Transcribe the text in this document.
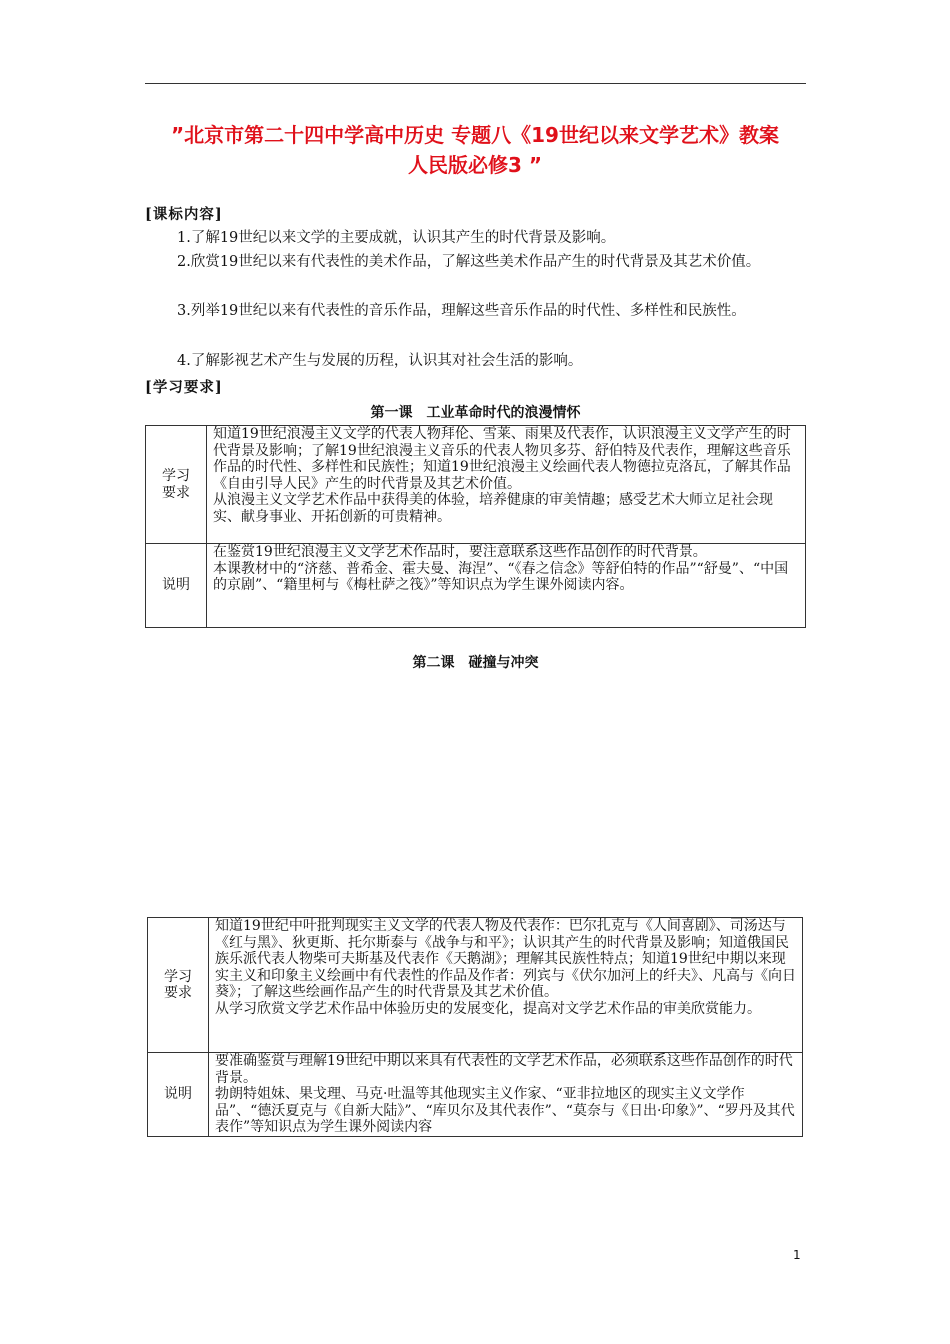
”北京市第二十四中学高中历史 专题八《19世纪以来文学艺术》教案
人民版必修3 ”
[课标内容]
1.了解19世纪以来文学的主要成就，认识其产生的时代背景及影响。
2.欣赏19世纪以来有代表性的美术作品，了解这些美术作品产生的时代背景及其艺术价值。
3.列举19世纪以来有代表性的音乐作品，理解这些音乐作品的时代性、多样性和民族性。
4.了解影视艺术产生与发展的历程，认识其对社会生活的影响。
[学习要求]
第一课　工业革命时代的浪漫情怀
学习要求	知道19世纪浪漫主义文学的代表人物拜伦、雪莱、雨果及代表作，认识浪漫主义文学产生的时代背景及影响；了解19世纪浪漫主义音乐的代表人物贝多芬、舒伯特及代表作，理解这些音乐作品的时代性、多样性和民族性；知道19世纪浪漫主义绘画代表人物德拉克洛瓦，了解其作品《自由引导人民》产生的时代背景及其艺术价值。
从浪漫主义文学艺术作品中获得美的体验，培养健康的审美情趣；感受艺术大师立足社会现实、献身事业、开拓创新的可贵精神。

说明	在鉴赏19世纪浪漫主义文学艺术作品时，要注意联系这些作品创作的时代背景。
本课教材中的“济慈、普希金、霍夫曼、海涅”、“《春之信念》等舒伯特的作品”“舒曼”、“中国的京剧”、“籍里柯与《梅杜萨之筏》”等知识点为学生课外阅读内容。
第二课　碰撞与冲突
学习要求	知道19世纪中叶批判现实主义文学的代表人物及代表作：巴尔扎克与《人间喜剧》、司汤达与《红与黑》、狄更斯、托尔斯泰与《战争与和平》；认识其产生的时代背景及影响；知道俄国民族乐派代表人物柴可夫斯基及代表作《天鹅湖》；理解其民族性特点；知道19世纪中期以来现实主义和印象主义绘画中有代表性的作品及作者：列宾与《伏尔加河上的纤夫》、凡高与《向日葵》；了解这些绘画作品产生的时代背景及其艺术价值。
从学习欣赏文学艺术作品中体验历史的发展变化，提高对文学艺术作品的审美欣赏能力。

说明	要准确鉴赏与理解19世纪中期以来具有代表性的文学艺术作品，必须联系这些作品创作的时代背景。
勃朗特姐妹、果戈理、马克·吐温等其他现实主义作家、“亚非拉地区的现实主义文学作品”、“德沃夏克与《自新大陆》”、“库贝尔及其代表作”、“莫奈与《日出·印象》”、“罗丹及其代表作”等知识点为学生课外阅读内容
1
